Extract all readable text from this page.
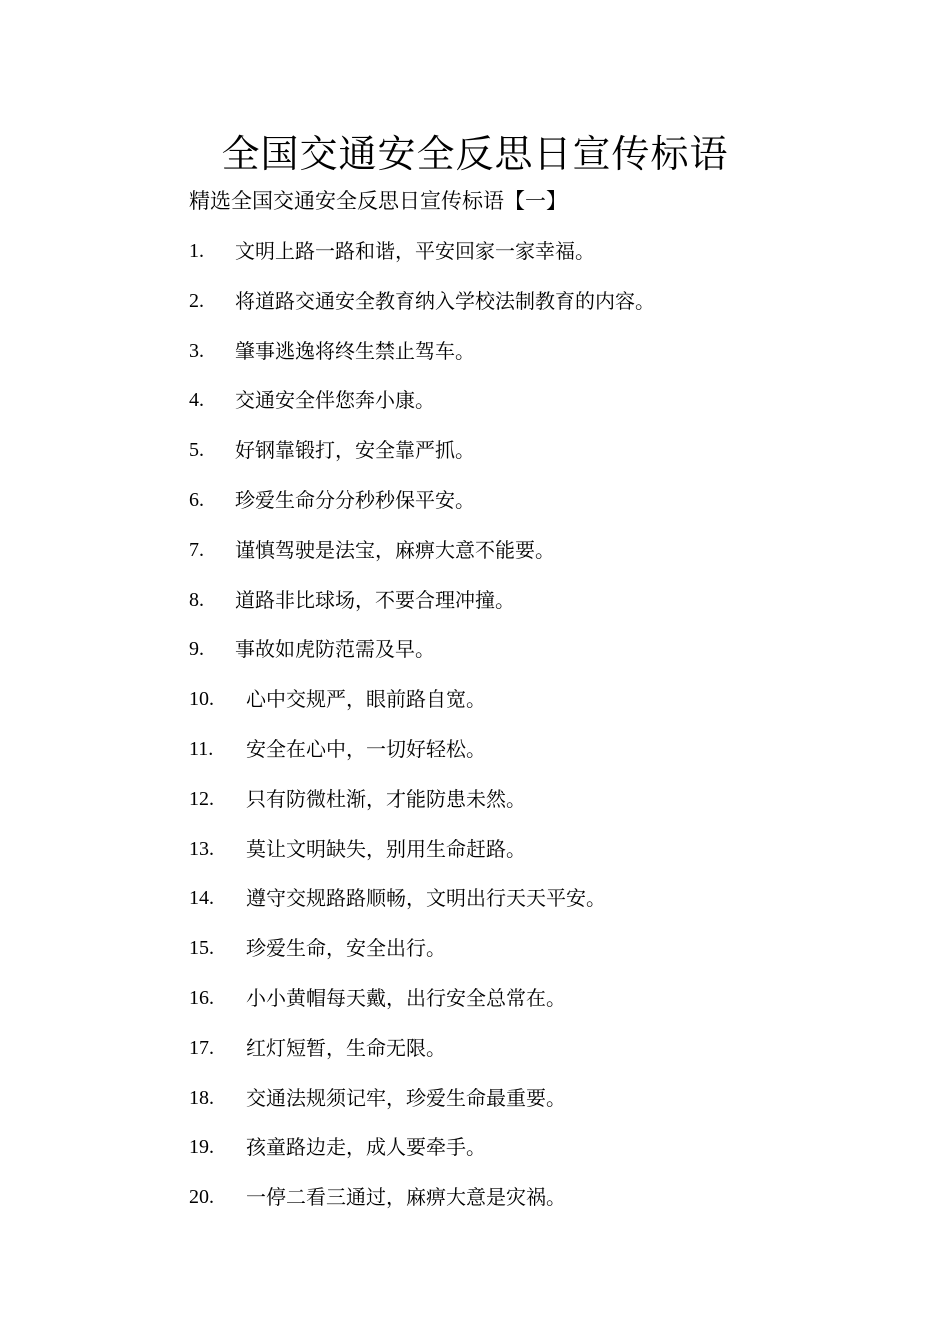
全国交通安全反思日宣传标语

精选全国交通安全反思日宣传标语【一】

1.	文明上路一路和谐，平安回家一家幸福。
2.	将道路交通安全教育纳入学校法制教育的内容。
3.	肇事逃逸将终生禁止驾车。
4.	交通安全伴您奔小康。
5.	好钢靠锻打，安全靠严抓。
6.	珍爱生命分分秒秒保平安。
7.	谨慎驾驶是法宝，麻痹大意不能要。
8.	道路非比球场，不要合理冲撞。
9.	事故如虎防范需及早。
10.	心中交规严，眼前路自宽。
11.	安全在心中，一切好轻松。
12.	只有防微杜渐，才能防患未然。
13.	莫让文明缺失，别用生命赶路。
14.	遵守交规路路顺畅，文明出行天天平安。
15.	珍爱生命，安全出行。
16.	小小黄帽每天戴，出行安全总常在。
17.	红灯短暂，生命无限。
18.	交通法规须记牢，珍爱生命最重要。
19.	孩童路边走，成人要牵手。
20.	一停二看三通过，麻痹大意是灾祸。
